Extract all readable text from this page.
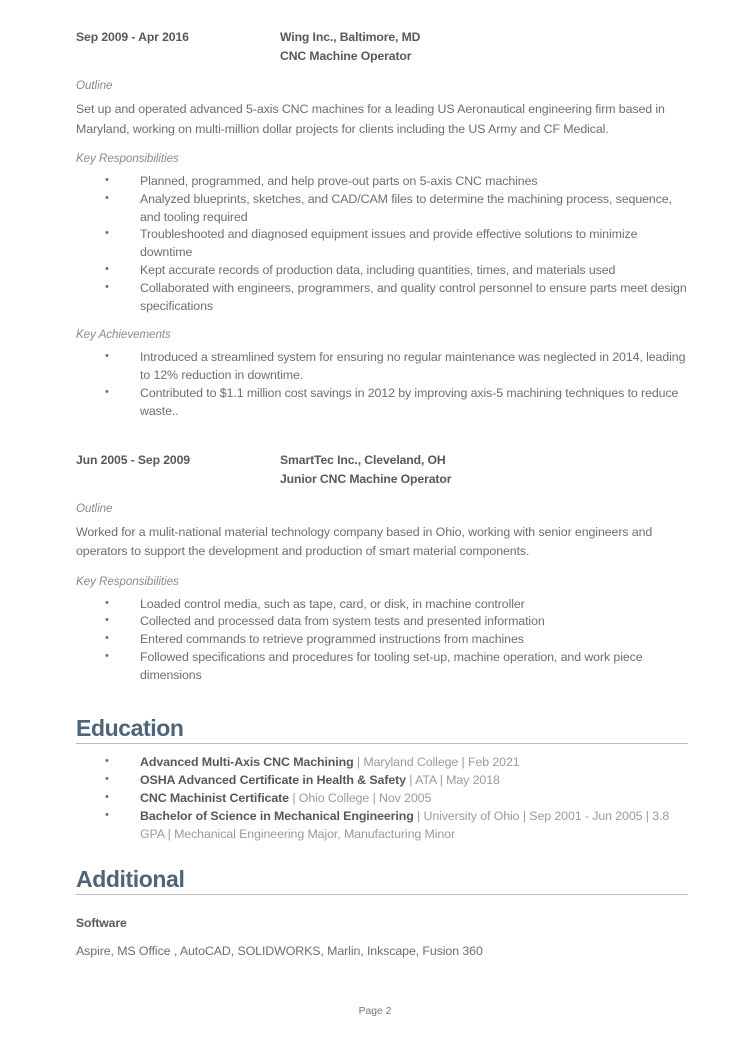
Sep 2009 - Apr 2016	Wing Inc., Baltimore, MD
CNC Machine Operator
Outline

Set up and operated advanced 5-axis CNC machines for a leading US Aeronautical engineering firm based in Maryland, working on multi-million dollar projects for clients including the US Army and CF Medical.

Key Responsibilities
• Planned, programmed, and help prove-out parts on 5-axis CNC machines
• Analyzed blueprints, sketches, and CAD/CAM files to determine the machining process, sequence, and tooling required
• Troubleshooted and diagnosed equipment issues and provide effective solutions to minimize downtime
• Kept accurate records of production data, including quantities, times, and materials used
• Collaborated with engineers, programmers, and quality control personnel to ensure parts meet design specifications
Key Achievements
• Introduced a streamlined system for ensuring no regular maintenance was neglected in 2014, leading to 12% reduction in downtime.
• Contributed to $1.1 million cost savings in 2012 by improving axis-5 machining techniques to reduce waste..
Jun 2005 - Sep 2009	SmartTec Inc., Cleveland, OH
Junior CNC Machine Operator
Outline

Worked for a mulit-national material technology company based in Ohio, working with senior engineers and operators to support the development and production of smart material components.

Key Responsibilities
• Loaded control media, such as tape, card, or disk, in machine controller
• Collected and processed data from system tests and presented information
• Entered commands to retrieve programmed instructions from machines
• Followed specifications and procedures for tooling set-up, machine operation, and work piece dimensions
Education
• Advanced Multi-Axis CNC Machining | Maryland College | Feb 2021
• OSHA Advanced Certificate in Health & Safety | ATA | May 2018
• CNC Machinist Certificate | Ohio College | Nov 2005
• Bachelor of Science in Mechanical Engineering | University of Ohio | Sep 2001 - Jun 2005 | 3.8 GPA | Mechanical Engineering Major, Manufacturing Minor
Additional
Software

Aspire, MS Office , AutoCAD, SOLIDWORKS, Marlin, Inkscape, Fusion 360

Page 2
